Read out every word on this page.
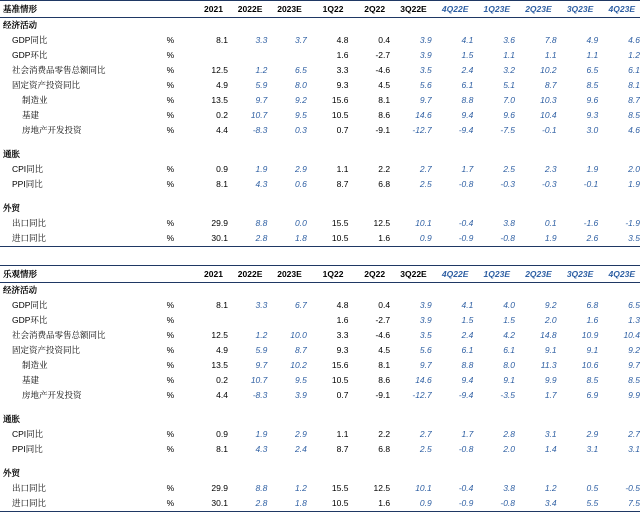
基准情形		2021	2022E	2023E	1Q22	2Q22	3Q22E	4Q22E	1Q23E	2Q23E	3Q23E	4Q23E
经济活动												
GDP同比	%	8.1	3.3	3.7	4.8	0.4	3.9	4.1	3.6	7.8	4.9	4.6
GDP环比	%				1.6	-2.7	3.9	1.5	1.1	1.1	1.1	1.2
社会消费品零售总额同比	%	12.5	1.2	6.5	3.3	-4.6	3.5	2.4	3.2	10.2	6.5	6.1
固定资产投资同比	%	4.9	5.9	8.0	9.3	4.5	5.6	6.1	5.1	8.7	8.5	8.1
制造业	%	13.5	9.7	9.2	15.6	8.1	9.7	8.8	7.0	10.3	9.6	8.7
基建	%	0.2	10.7	9.5	10.5	8.6	14.6	9.4	9.6	10.4	9.3	8.5
房地产开发投资	%	4.4	-8.3	0.3	0.7	-9.1	-12.7	-9.4	-7.5	-0.1	3.0	4.6

通胀												
CPI同比	%	0.9	1.9	2.9	1.1	2.2	2.7	1.7	2.5	2.3	1.9	2.0
PPI同比	%	8.1	4.3	0.6	8.7	6.8	2.5	-0.8	-0.3	-0.3	-0.1	1.9

外贸												
出口同比	%	29.9	8.8	0.0	15.5	12.5	10.1	-0.4	3.8	0.1	-1.6	-1.9
进口同比	%	30.1	2.8	1.8	10.5	1.6	0.9	-0.9	-0.8	1.9	2.6	3.5

乐观情形		2021	2022E	2023E	1Q22	2Q22	3Q22E	4Q22E	1Q23E	2Q23E	3Q23E	4Q23E
经济活动												
GDP同比	%	8.1	3.3	6.7	4.8	0.4	3.9	4.1	4.0	9.2	6.8	6.5
GDP环比	%				1.6	-2.7	3.9	1.5	1.5	2.0	1.6	1.3
社会消费品零售总额同比	%	12.5	1.2	10.0	3.3	-4.6	3.5	2.4	4.2	14.8	10.9	10.4
固定资产投资同比	%	4.9	5.9	8.7	9.3	4.5	5.6	6.1	6.1	9.1	9.1	9.2
制造业	%	13.5	9.7	10.2	15.6	8.1	9.7	8.8	8.0	11.3	10.6	9.7
基建	%	0.2	10.7	9.5	10.5	8.6	14.6	9.4	9.1	9.9	8.5	8.5
房地产开发投资	%	4.4	-8.3	3.9	0.7	-9.1	-12.7	-9.4	-3.5	1.7	6.9	9.9

通胀												
CPI同比	%	0.9	1.9	2.9	1.1	2.2	2.7	1.7	2.8	3.1	2.9	2.7
PPI同比	%	8.1	4.3	2.4	8.7	6.8	2.5	-0.8	2.0	1.4	3.1	3.1

外贸												
出口同比	%	29.9	8.8	1.2	15.5	12.5	10.1	-0.4	3.8	1.2	0.5	-0.5
进口同比	%	30.1	2.8	1.8	10.5	1.6	0.9	-0.9	-0.8	3.4	5.5	7.5
